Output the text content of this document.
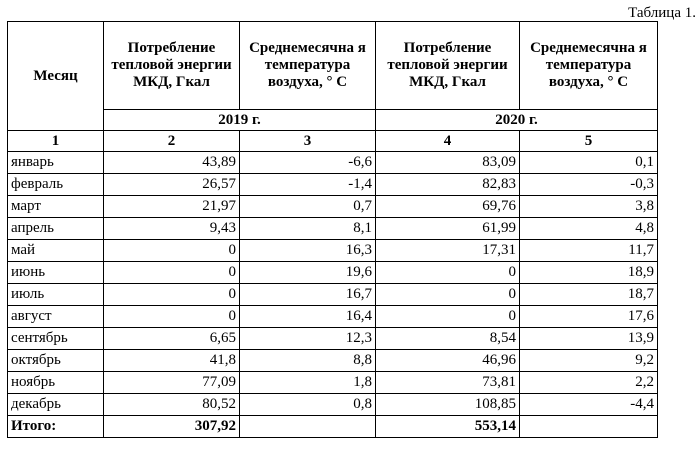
Таблица 1.
Месяц	Потребление тепловой энергии МКД, Гкал	Среднемесячна я температура воздуха, ° С	Потребление тепловой энергии МКД, Гкал	Среднемесячна я температура воздуха, ° С
	2019 г.		2020 г.	
1	2	3	4	5
январь	43,89	-6,6	83,09	0,1
февраль	26,57	-1,4	82,83	-0,3
март	21,97	0,7	69,76	3,8
апрель	9,43	8,1	61,99	4,8
май	0	16,3	17,31	11,7
июнь	0	19,6	0	18,9
июль	0	16,7	0	18,7
август	0	16,4	0	17,6
сентябрь	6,65	12,3	8,54	13,9
октябрь	41,8	8,8	46,96	9,2
ноябрь	77,09	1,8	73,81	2,2
декабрь	80,52	0,8	108,85	-4,4
Итого:	307,92		553,14	
